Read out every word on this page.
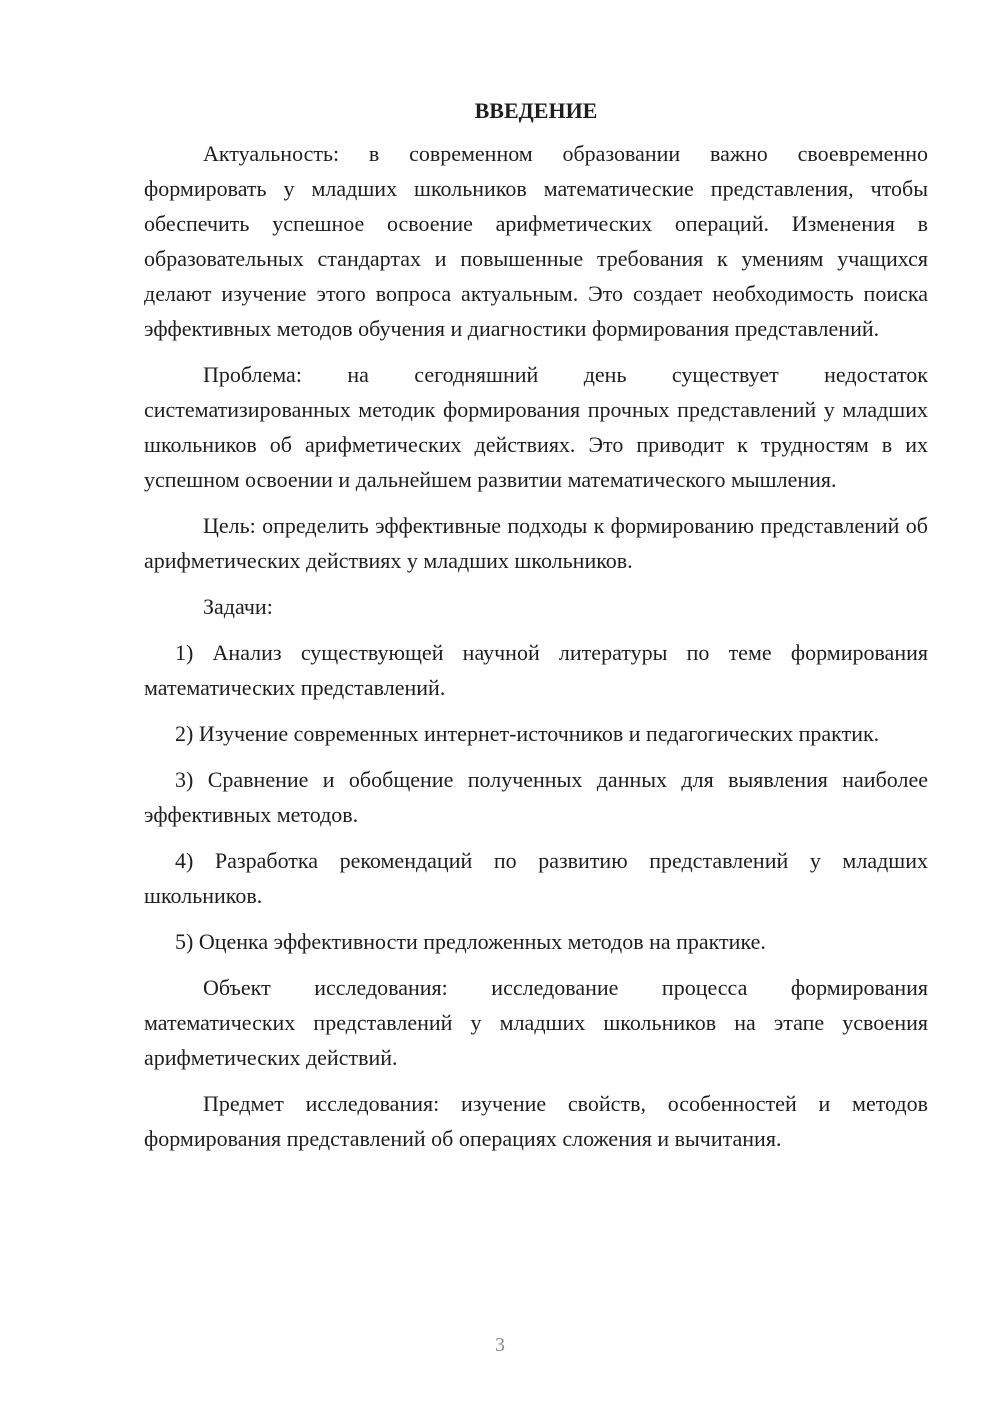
ВВЕДЕНИЕ

Актуальность: в современном образовании важно своевременно формировать у младших школьников математические представления, чтобы обеспечить успешное освоение арифметических операций. Изменения в образовательных стандартах и повышенные требования к умениям учащихся делают изучение этого вопроса актуальным. Это создает необходимость поиска эффективных методов обучения и диагностики формирования представлений.

Проблема: на сегодняшний день существует недостаток систематизированных методик формирования прочных представлений у младших школьников об арифметических действиях. Это приводит к трудностям в их успешном освоении и дальнейшем развитии математического мышления.

Цель: определить эффективные подходы к формированию представлений об арифметических действиях у младших школьников.

Задачи:

1) Анализ существующей научной литературы по теме формирования математических представлений.

2) Изучение современных интернет-источников и педагогических практик.

3) Сравнение и обобщение полученных данных для выявления наиболее эффективных методов.

4) Разработка рекомендаций по развитию представлений у младших школьников.

5) Оценка эффективности предложенных методов на практике.

Объект исследования: исследование процесса формирования математических представлений у младших школьников на этапе усвоения арифметических действий.

Предмет исследования: изучение свойств, особенностей и методов формирования представлений об операциях сложения и вычитания.

3
